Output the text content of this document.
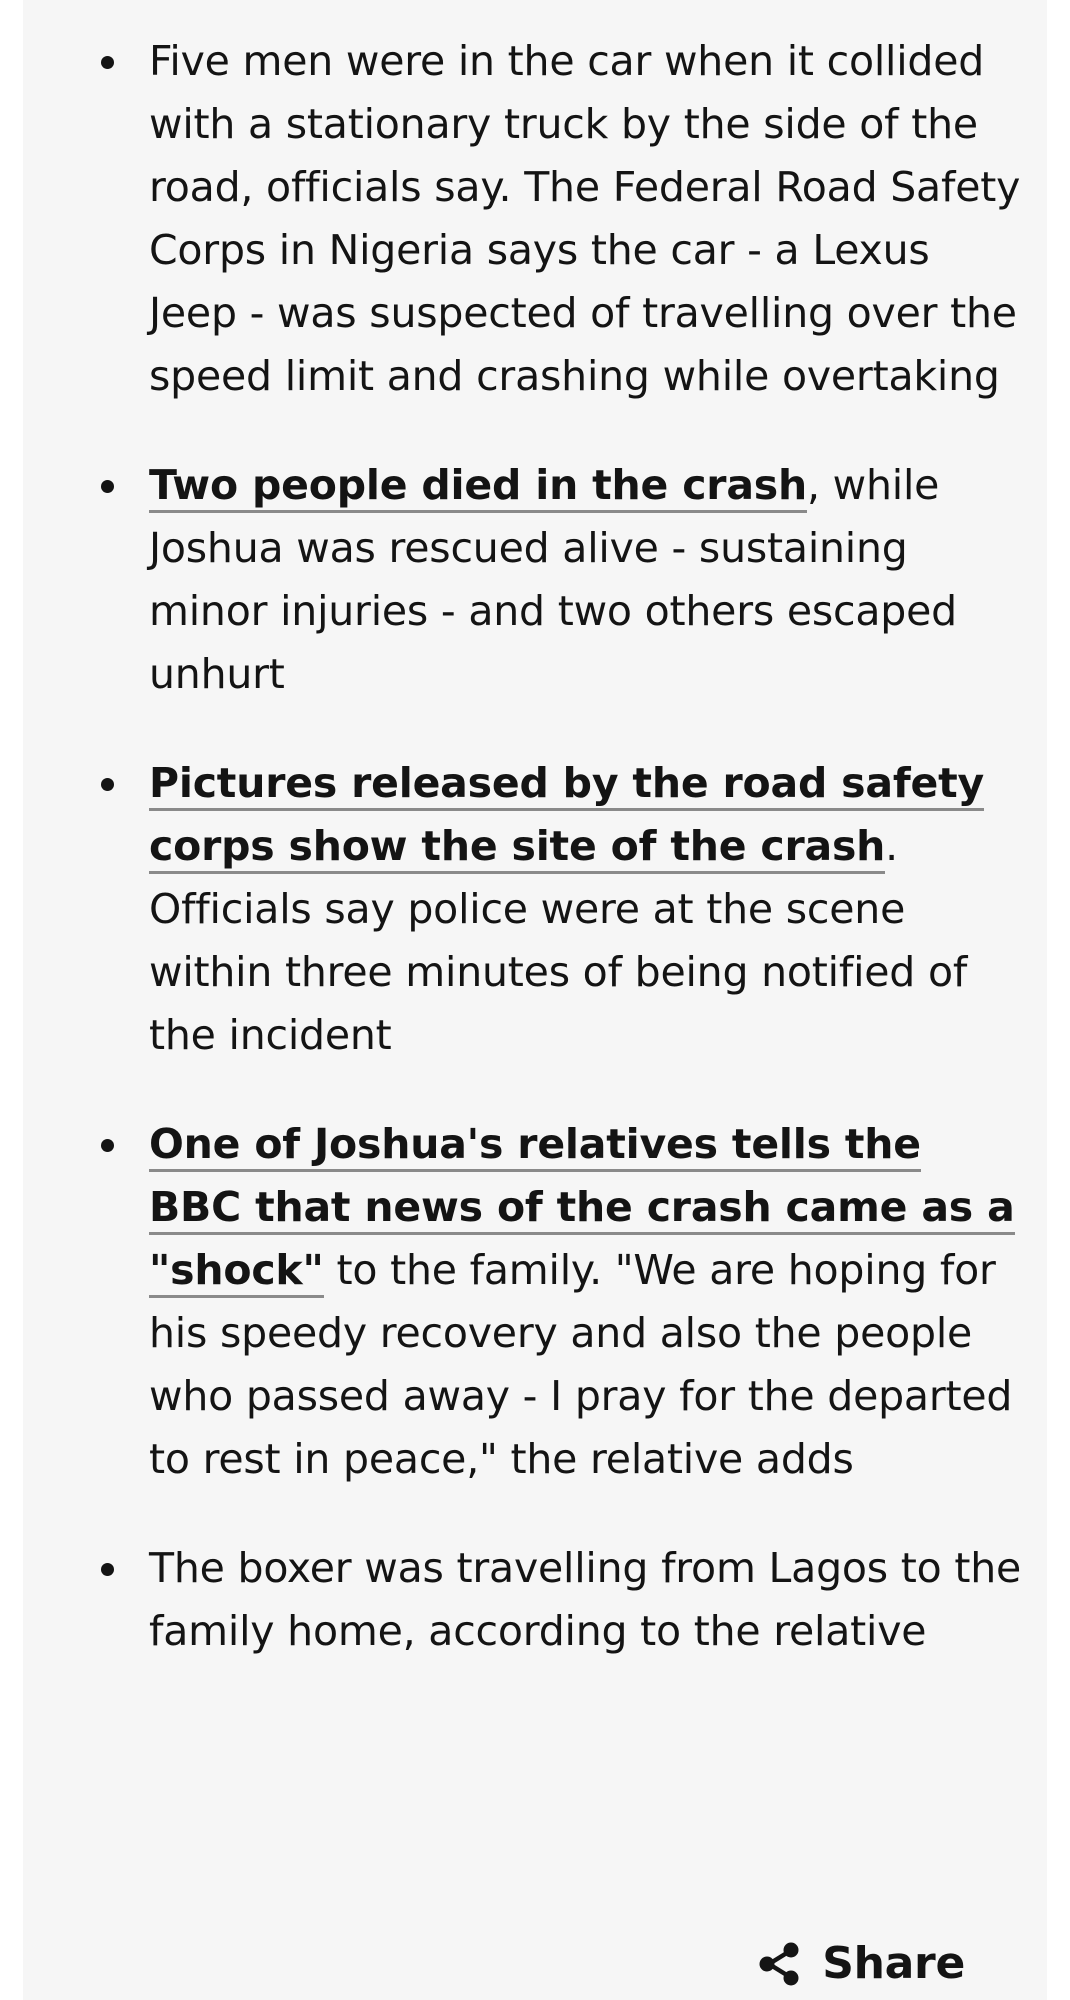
Five men were in the car when it collided with a stationary truck by the side of the road, officials say. The Federal Road Safety Corps in Nigeria says the car - a Lexus Jeep - was suspected of travelling over the speed limit and crashing while overtaking
Two people died in the crash, while Joshua was rescued alive - sustaining minor injuries - and two others escaped unhurt
Pictures released by the road safety corps show the site of the crash. Officials say police were at the scene within three minutes of being notified of the incident
One of Joshua's relatives tells the BBC that news of the crash came as a "shock" to the family. "We are hoping for his speedy recovery and also the people who passed away - I pray for the departed to rest in peace," the relative adds
The boxer was travelling from Lagos to the family home, according to the relative
Share
